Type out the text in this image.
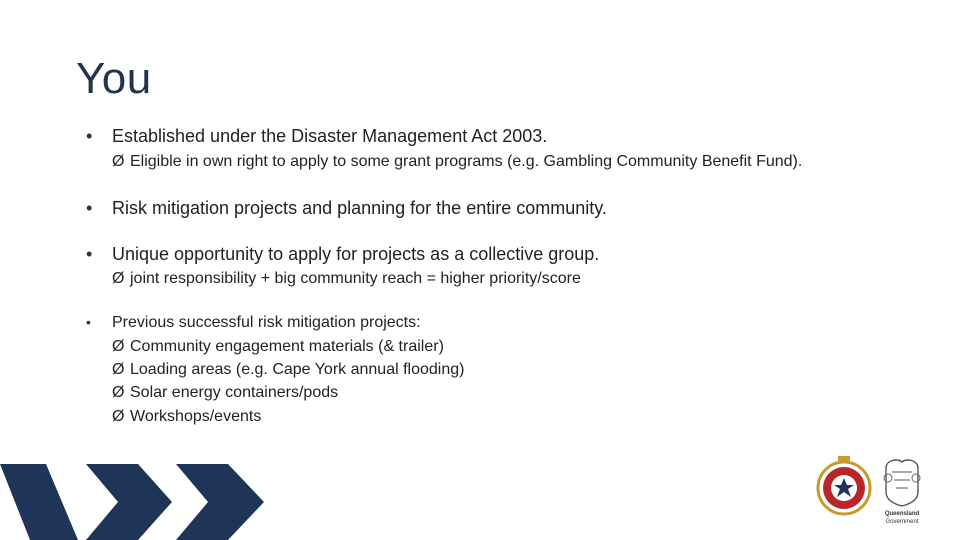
You
• Established under the Disaster Management Act 2003.
Ø Eligible in own right to apply to some grant programs (e.g. Gambling Community Benefit Fund).
• Risk mitigation projects and planning for the entire community.
• Unique opportunity to apply for projects as a collective group.
Ø joint responsibility + big community reach = higher priority/score
• Previous successful risk mitigation projects:
Ø Community engagement materials (& trailer)
Ø Loading areas (e.g. Cape York annual flooding)
Ø Solar energy containers/pods
Ø Workshops/events
Queensland
Government
